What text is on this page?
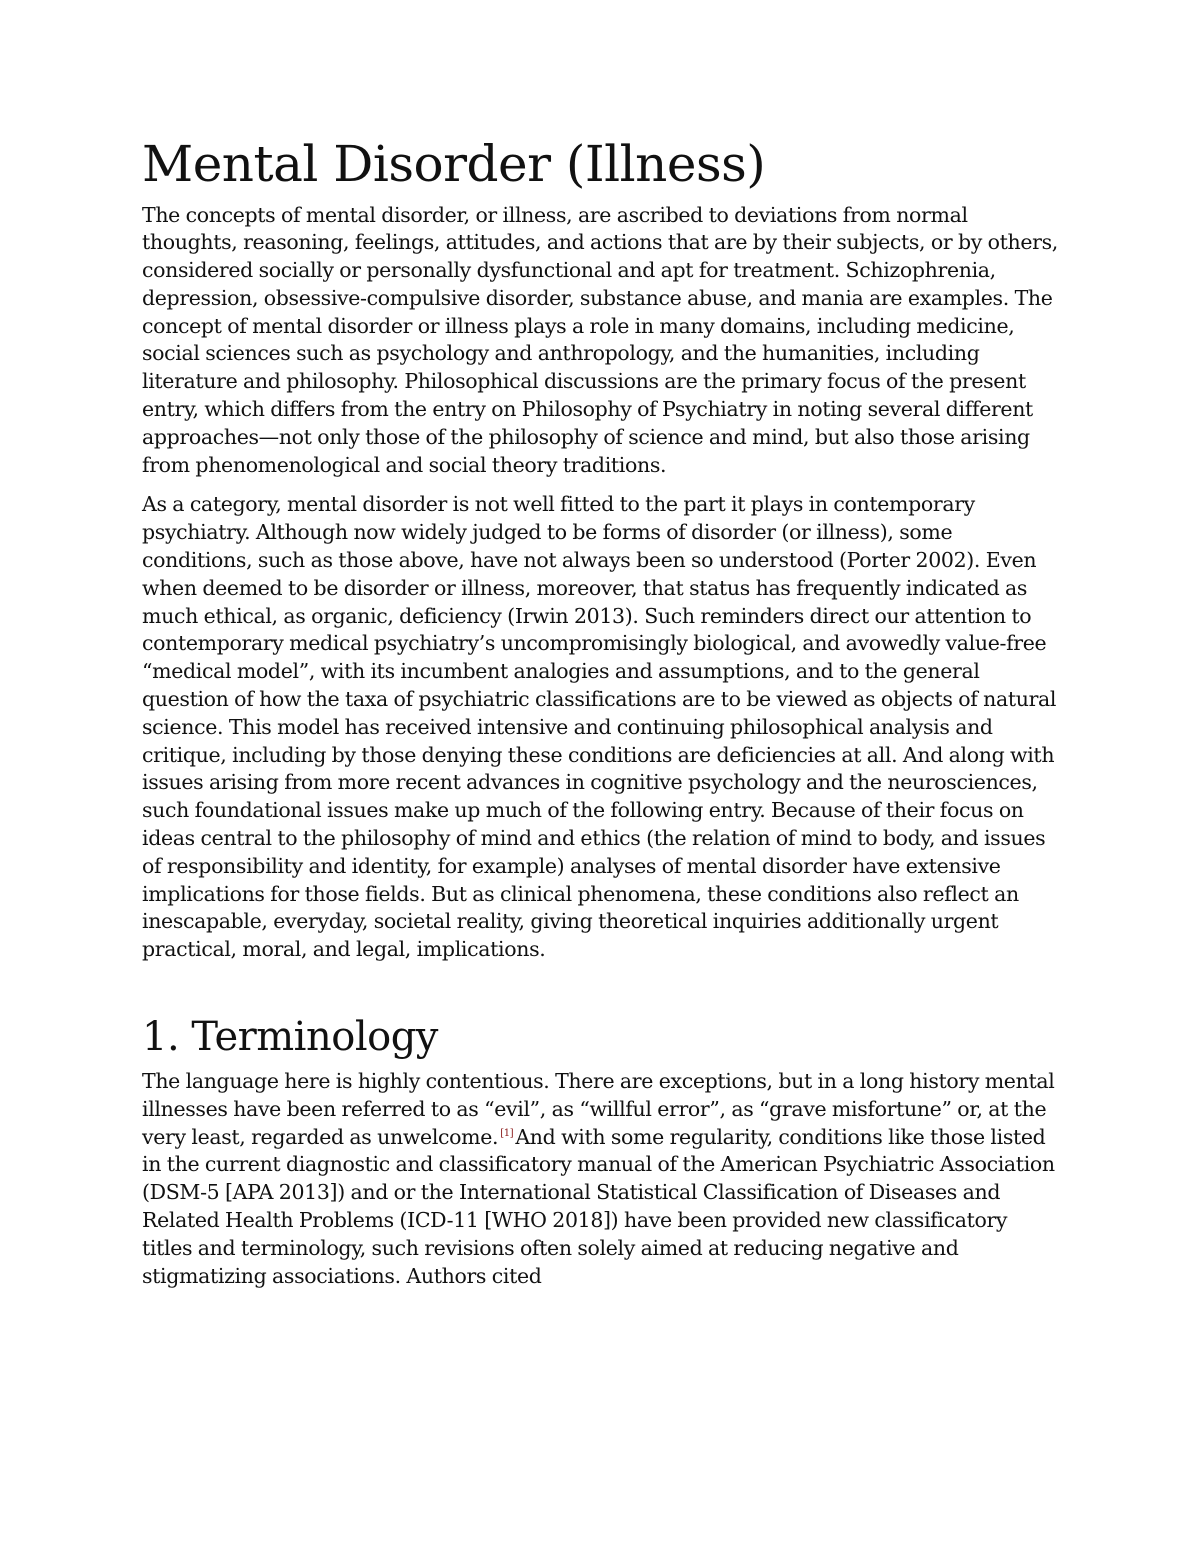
Mental Disorder (Illness)

The concepts of mental disorder, or illness, are ascribed to deviations from normal thoughts, reasoning, feelings, attitudes, and actions that are by their subjects, or by others, considered socially or personally dysfunctional and apt for treatment. Schizophrenia, depression, obsessive-compulsive disorder, substance abuse, and mania are examples. The concept of mental disorder or illness plays a role in many domains, including medicine, social sciences such as psychology and anthropology, and the humanities, including literature and philosophy. Philosophical discussions are the primary focus of the present entry, which differs from the entry on Philosophy of Psychiatry in noting several different approaches—not only those of the philosophy of science and mind, but also those arising from phenomenological and social theory traditions.

As a category, mental disorder is not well fitted to the part it plays in contemporary psychiatry. Although now widely judged to be forms of disorder (or illness), some conditions, such as those above, have not always been so understood (Porter 2002). Even when deemed to be disorder or illness, moreover, that status has frequently indicated as much ethical, as organic, deficiency (Irwin 2013). Such reminders direct our attention to contemporary medical psychiatry’s uncompromisingly biological, and avowedly value-free “medical model”, with its incumbent analogies and assumptions, and to the general question of how the taxa of psychiatric classifications are to be viewed as objects of natural science. This model has received intensive and continuing philosophical analysis and critique, including by those denying these conditions are deficiencies at all. And along with issues arising from more recent advances in cognitive psychology and the neurosciences, such foundational issues make up much of the following entry. Because of their focus on ideas central to the philosophy of mind and ethics (the relation of mind to body, and issues of responsibility and identity, for example) analyses of mental disorder have extensive implications for those fields. But as clinical phenomena, these conditions also reflect an inescapable, everyday, societal reality, giving theoretical inquiries additionally urgent practical, moral, and legal, implications.

1. Terminology

The language here is highly contentious. There are exceptions, but in a long history mental illnesses have been referred to as “evil”, as “willful error”, as “grave misfortune” or, at the very least, regarded as unwelcome. [1]And with some regularity, conditions like those listed in the current diagnostic and classificatory manual of the American Psychiatric Association (DSM-5 [APA 2013]) and or the International Statistical Classification of Diseases and Related Health Problems (ICD-11 [WHO 2018]) have been provided new classificatory titles and terminology, such revisions often solely aimed at reducing negative and stigmatizing associations. Authors cited
